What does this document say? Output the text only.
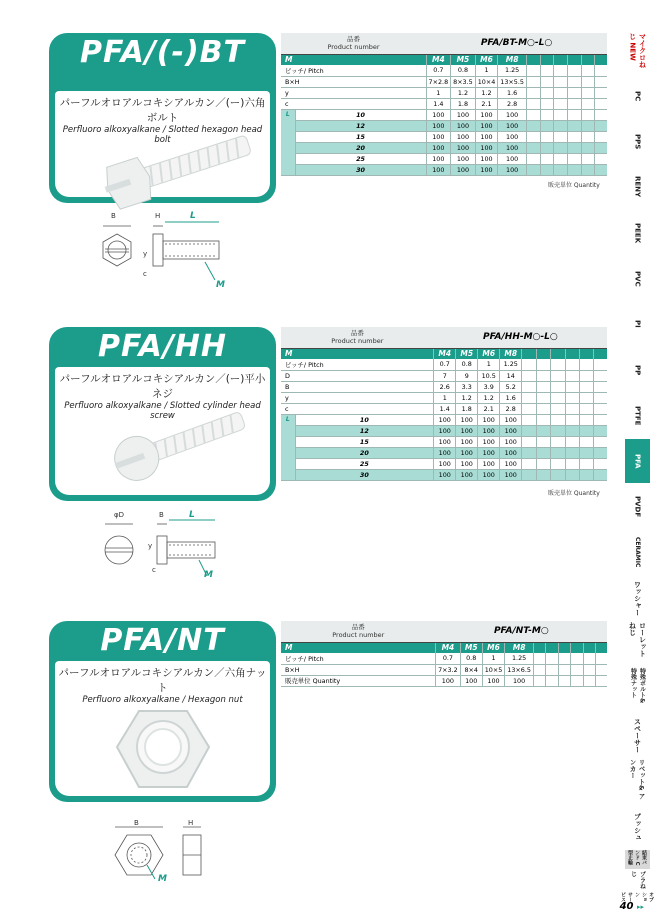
PFA/(-)BT
パーフルオロアルコキシアルカン／(ー)六角ボルト
Perfluoro alkoxyalkane / Slotted hexagon head bolt
品番
Product number		PFA/BT-M○-L○									
M		M4	M5	M6	M8						
ピッチ/ Pitch		0.7	0.8	1	1.25						
B×H		7×2.8	8×3.5	10×4	13×5.5						
y		1	1.2	1.2	1.6						
c		1.4	1.8	2.1	2.8						
L	10	100	100	100	100						
	12	100	100	100	100						
	15	100	100	100	100						
	20	100	100	100	100						
	25	100	100	100	100						
	30	100	100	100	100						
販売単位 Quantity
B	H	L
y
c
M
PFA/HH
パーフルオロアルコキシアルカン／(ー)平小ネジ
Perfluoro alkoxyalkane / Slotted cylinder head screw
品番
Product number		PFA/HH-M○-L○									
M		M4	M5	M6	M8						
ピッチ/ Pitch		0.7	0.8	1	1.25						
D		7	9	10.5	14						
B		2.6	3.3	3.9	5.2						
y		1	1.2	1.2	1.6						
c		1.4	1.8	2.1	2.8						
L	10	100	100	100	100						
	12	100	100	100	100						
	15	100	100	100	100						
	20	100	100	100	100						
	25	100	100	100	100						
	30	100	100	100	100						
販売単位 Quantity
φD	B	L
y
c	M
PFA/NT
パーフルオロアルコキシアルカン／六角ナット
Perfluoro alkoxyalkane / Hexagon nut
品番
Product number	PFA/NT-M○									
M	M4	M5	M6	M8						
ピッチ/ Pitch	0.7	0.8	1	1.25						
B×H	7×3.2	8×4	10×5	13×6.5						
販売単位 Quantity	100	100	100	100						
B	H
M
マイクロねじ NEW
PC
PPS
RENY
PEEK
PVC
PI
PP
PTFE
PFA
PVDF
CERAMIC
ワッシャー
ローレット ねじ
特殊ボルト& 特殊ナット
スペーサー
リベット& アンカー
ブッシュ
結束バンド C型止輪
プラねじ
オプション サービス
40 ▸▸
